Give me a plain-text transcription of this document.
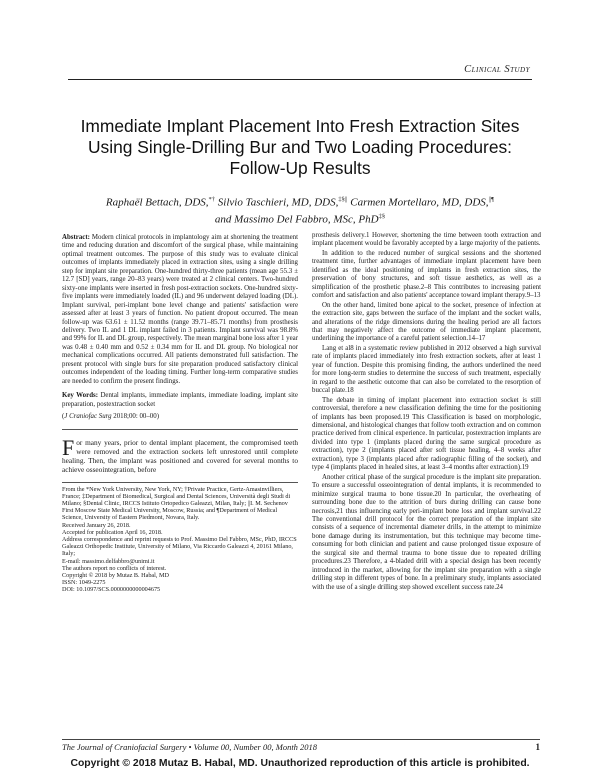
Clinical Study
Immediate Implant Placement Into Fresh Extraction Sites
Using Single-Drilling Bur and Two Loading Procedures:
Follow-Up Results
Raphaël Bettach, DDS,*† Silvio Taschieri, MD, DDS,‡§|| Carmen Mortellaro, MD, DDS,||¶
and Massimo Del Fabbro, MSc, PhD‡§

Abstract: Modern clinical protocols in implantology aim at shortening the treatment time and reducing duration and discomfort of the surgical phase, while maintaining optimal treatment outcomes. The purpose of this study was to evaluate clinical outcomes of implants immediately placed in extraction sites, using a single drilling step for implant site preparation. One-hundred thirty-three patients (mean age 55.3 ± 12.7 [SD] years, range 20–83 years) were treated at 2 clinical centers. Two-hundred sixty-one implants were inserted in fresh post-extraction sockets. One-hundred sixty-five implants were immediately loaded (IL) and 96 underwent delayed loading (DL). Implant survival, peri-implant bone level change and patients' satisfaction were assessed after at least 3 years of function. No patient dropout occurred. The mean follow-up was 63.61 ± 11.52 months (range 39.71–85.71 months) from prosthesis delivery. Two IL and 1 DL implant failed in 3 patients. Implant survival was 98.8% and 99% for IL and DL group, respectively. The mean marginal bone loss after 1 year was 0.48 ± 0.40 mm and 0.52 ± 0.34 mm for IL and DL group. No biological nor mechanical complications occurred. All patients demonstrated full satisfaction. The present protocol with single burs for site preparation produced satisfactory clinical outcomes independent of the loading timing. Further long-term comparative studies are needed to confirm the present findings.

Key Words: Dental implants, immediate implants, immediate loading, implant site preparation, postextraction socket

(J Craniofac Surg 2018;00: 00–00)

For many years, prior to dental implant placement, the compromised teeth were removed and the extraction sockets left unrestored until complete healing. Then, the implant was positioned and covered for several months to achieve osseointegration, before

From the *New York University, New York, NY; †Private Practice, Gertz-Amasinvilliers, France; ‡Department of Biomedical, Surgical and Dental Sciences, Università degli Studi di Milano; §Dental Clinic, IRCCS Istituto Ortopedico Galeazzi, Milan, Italy; ||I. M. Sechenov First Moscow State Medical University, Moscow, Russia; and ¶Department of Medical Science, University of Eastern Piedmont, Novara, Italy.

Received January 26, 2018.

Accepted for publication April 16, 2018.

Address correspondence and reprint requests to Prof. Massimo Del Fabbro, MSc, PhD, IRCCS Galeazzi Orthopedic Institute, University of Milano, Via Riccardo Galeazzi 4, 20161 Milano, Italy;

E-mail: massimo.delfabbro@unimi.it

The authors report no conflicts of interest.

Copyright © 2018 by Mutaz B. Habal, MD

ISSN: 1049-2275

DOI: 10.1097/SCS.0000000000004675

prosthesis delivery.1 However, shortening the time between tooth extraction and implant placement would be favorably accepted by a large majority of the patients.

In addition to the reduced number of surgical sessions and the shortened treatment time, further advantages of immediate implant placement have been identified as the ideal positioning of implants in fresh extraction sites, the preservation of bony structures, and soft tissue aesthetics, as well as a simplification of the prosthetic phase.2–8 This contributes to increasing patient comfort and satisfaction and also patients' acceptance toward implant therapy.9–13

On the other hand, limited bone apical to the socket, presence of infection at the extraction site, gaps between the surface of the implant and the socket walls, and alterations of the ridge dimensions during the healing period are all factors that may negatively affect the outcome of immediate implant placement, underlining the importance of a careful patient selection.14–17

Lang et al8 in a systematic review published in 2012 observed a high survival rate of implants placed immediately into fresh extraction sockets, after at least 1 year of function. Despite this promising finding, the authors underlined the need for more long-term studies to determine the success of such treatment, especially in regard to the aesthetic outcome that can also be correlated to the resorption of buccal plate.18

The debate in timing of implant placement into extraction socket is still controversial, therefore a new classification defining the time for the positioning of implants has been proposed.19 This Classification is based on morphologic, dimensional, and histological changes that follow tooth extraction and on common practice derived from clinical experience. In particular, postextraction implants are divided into type 1 (implants placed during the same surgical procedure as extraction), type 2 (implants placed after soft tissue healing, 4–8 weeks after extraction), type 3 (implants placed after radiographic filling of the socket), and type 4 (implants placed in healed sites, at least 3–4 months after extraction).19

Another critical phase of the surgical procedure is the implant site preparation. To ensure a successful osseointegration of dental implants, it is recommended to minimize surgical trauma to bone tissue.20 In particular, the overheating of surrounding bone due to the attrition of burs during drilling can cause bone necrosis,21 thus influencing early peri-implant bone loss and implant survival.22 The conventional drill protocol for the correct preparation of the implant site consists of a sequence of incremental diameter drills, in the attempt to minimize bone damage during its instrumentation, but this technique may become time-consuming for both clinician and patient and cause prolonged tissue exposure of the surgical site and thermal trauma to bone tissue due to repeated drilling procedures.23 Therefore, a 4-bladed drill with a special design has been recently introduced in the market, allowing for the implant site preparation with a single drilling step in different types of bone. In a preliminary study, implants associated with the use of a single drilling step showed excellent success rate.24

The Journal of Craniofacial Surgery • Volume 00, Number 00, Month 2018	1
Copyright © 2018 Mutaz B. Habal, MD. Unauthorized reproduction of this article is prohibited.
